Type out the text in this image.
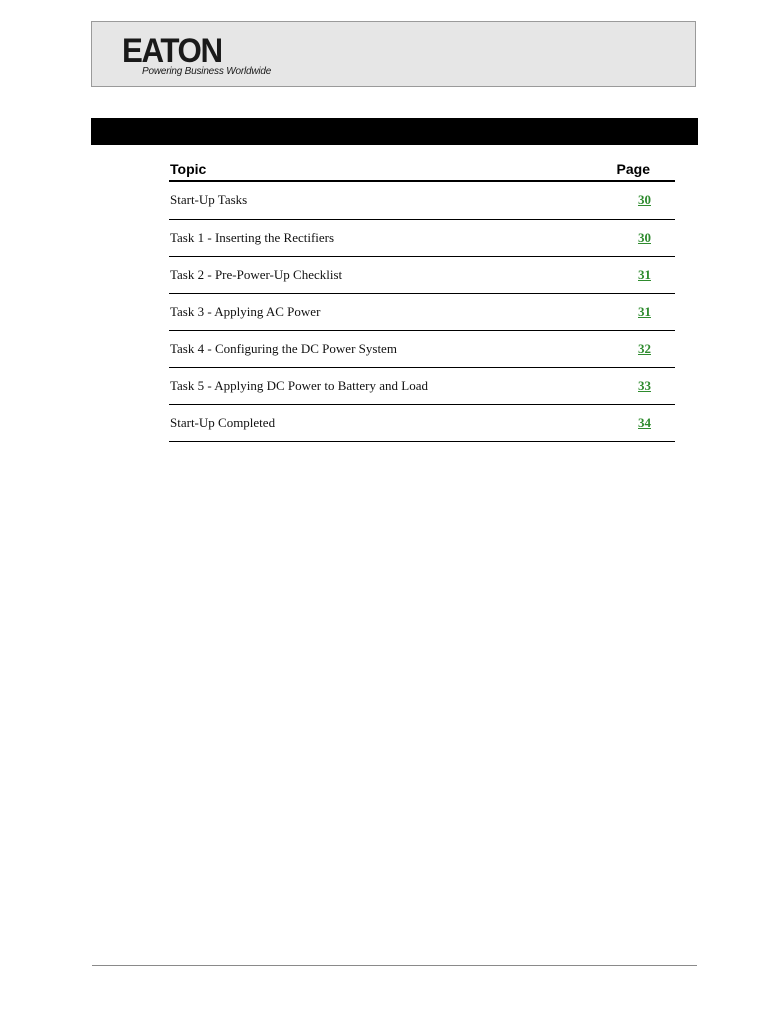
EATON
Powering Business Worldwide
Topic	Page
Start-Up Tasks	30
Task 1 - Inserting the Rectifiers	30
Task 2 - Pre-Power-Up Checklist	31
Task 3 - Applying AC Power	31
Task 4 - Configuring the DC Power System	32
Task 5 - Applying DC Power to Battery and Load	33
Start-Up Completed	34
